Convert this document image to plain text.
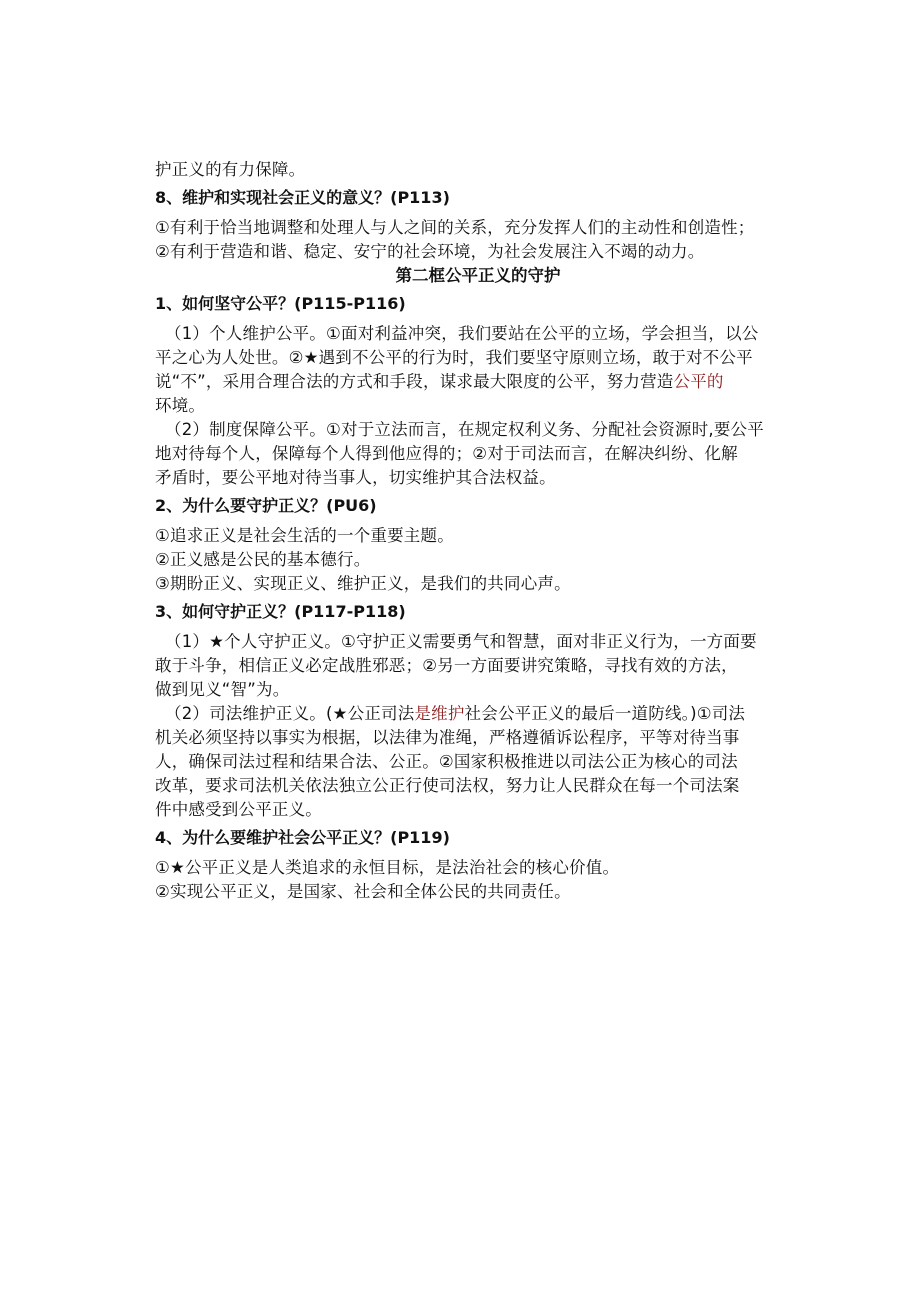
护正义的有力保障。
8、维护和实现社会正义的意义？(P113)
①有利于恰当地调整和处理人与人之间的关系，充分发挥人们的主动性和创造性；
②有利于营造和谐、稳定、安宁的社会环境，为社会发展注入不竭的动力。
第二框公平正义的守护
1、如何坚守公平？(P115-P116)
（1）个人维护公平。①面对利益冲突，我们要站在公平的立场，学会担当，以公
平之心为人处世。②★遇到不公平的行为时，我们要坚守原则立场，敢于对不公平
说“不”，采用合理合法的方式和手段，谋求最大限度的公平，努力营造公平的
环境。
（2）制度保障公平。①对于立法而言，在规定权利义务、分配社会资源时,要公平
地对待每个人，保障每个人得到他应得的；②对于司法而言，在解决纠纷、化解
矛盾时，要公平地对待当事人，切实维护其合法权益。
2、为什么要守护正义？(PU6)
①追求正义是社会生活的一个重要主题。
②正义感是公民的基本德行。
③期盼正义、实现正义、维护正义，是我们的共同心声。
3、如何守护正义？(P117-P118)
（1）★个人守护正义。①守护正义需要勇气和智慧，面对非正义行为，一方面要
敢于斗争，相信正义必定战胜邪恶；②另一方面要讲究策略，寻找有效的方法，
做到见义“智”为。
（2）司法维护正义。(★公正司法是维护社会公平正义的最后一道防线。)①司法
机关必须坚持以事实为根据，以法律为准绳，严格遵循诉讼程序，平等对待当事
人，确保司法过程和结果合法、公正。②国家积极推进以司法公正为核心的司法
改革，要求司法机关依法独立公正行使司法权，努力让人民群众在每一个司法案
件中感受到公平正义。
4、为什么要维护社会公平正义？(P119)
①★公平正义是人类追求的永恒目标，是法治社会的核心价值。
②实现公平正义，是国家、社会和全体公民的共同责任。
